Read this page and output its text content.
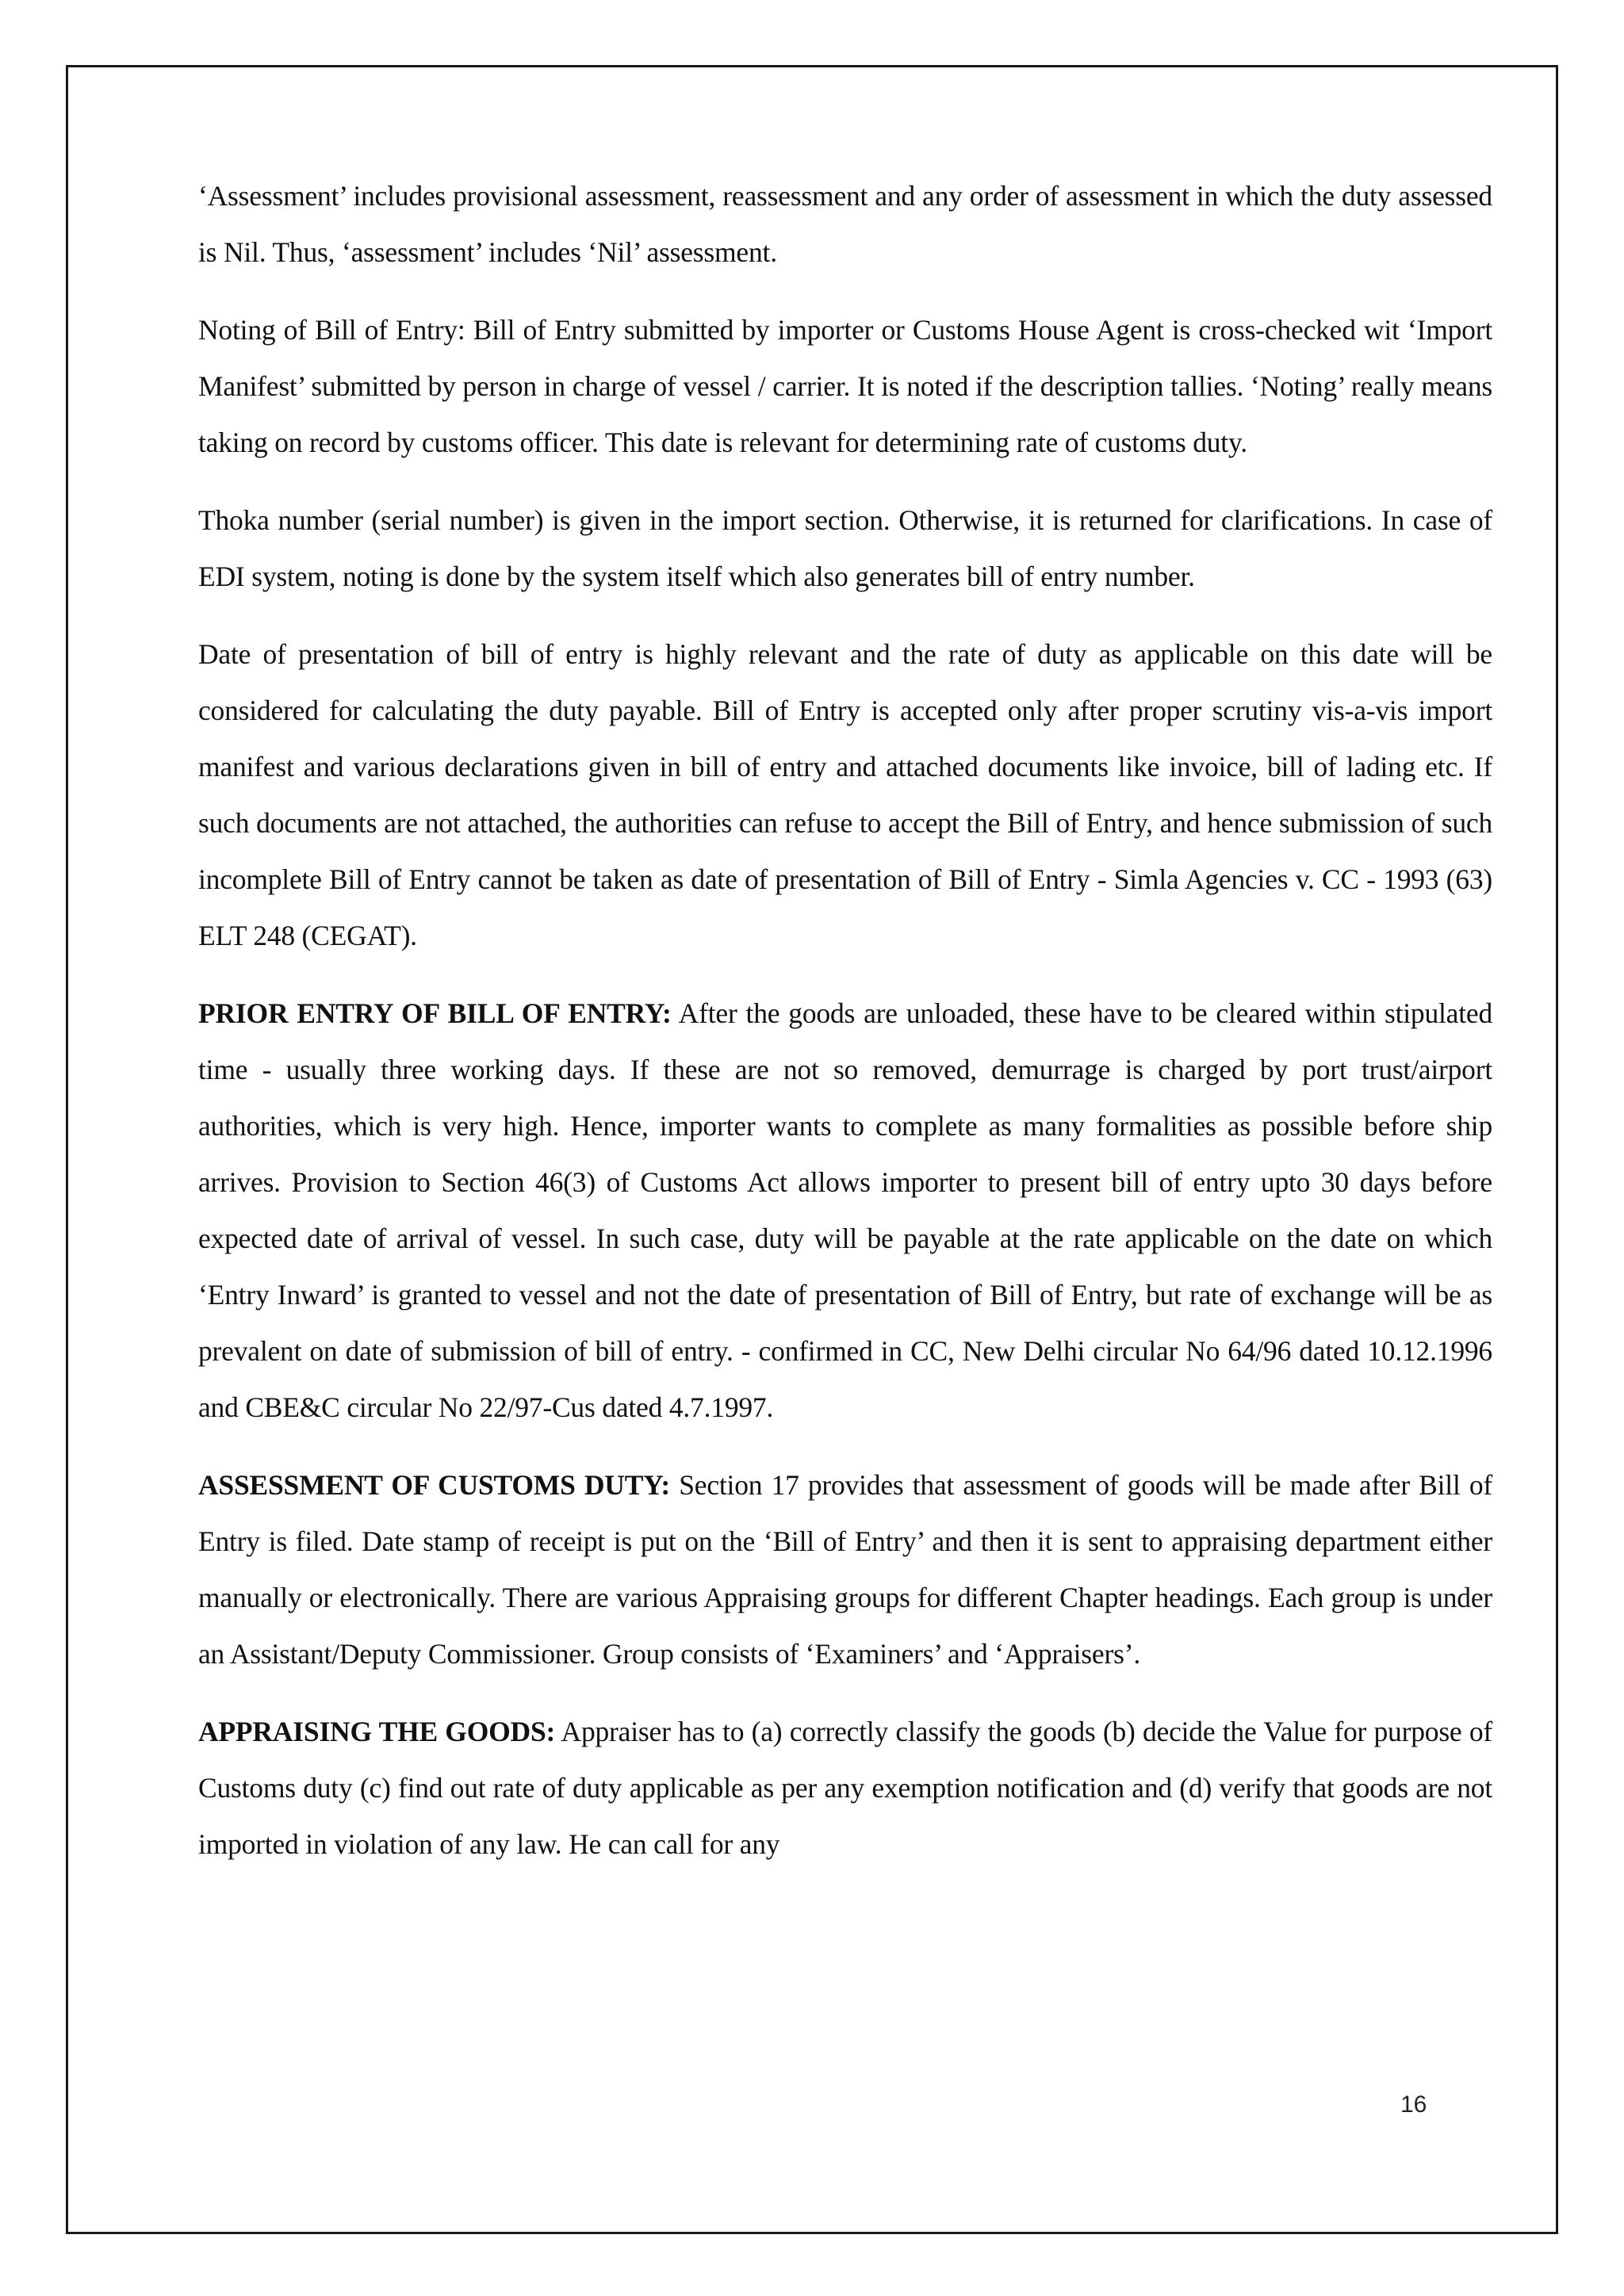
‘Assessment’ includes provisional assessment, reassessment and any order of assessment in which the duty assessed is Nil. Thus, ‘assessment’ includes ‘Nil’ assessment.

Noting of Bill of Entry: Bill of Entry submitted by importer or Customs House Agent is cross-checked wit ‘Import Manifest’ submitted by person in charge of vessel / carrier. It is noted if the description tallies. ‘Noting’ really means taking on record by customs officer. This date is relevant for determining rate of customs duty.

Thoka number (serial number) is given in the import section. Otherwise, it is returned for clarifications. In case of EDI system, noting is done by the system itself which also generates bill of entry number.

Date of presentation of bill of entry is highly relevant and the rate of duty as applicable on this date will be considered for calculating the duty payable. Bill of Entry is accepted only after proper scrutiny vis-a-vis import manifest and various declarations given in bill of entry and attached documents like invoice, bill of lading etc. If such documents are not attached, the authorities can refuse to accept the Bill of Entry, and hence submission of such incomplete Bill of Entry cannot be taken as date of presentation of Bill of Entry - Simla Agencies v. CC - 1993 (63) ELT 248 (CEGAT).

PRIOR ENTRY OF BILL OF ENTRY: After the goods are unloaded, these have to be cleared within stipulated time - usually three working days. If these are not so removed, demurrage is charged by port trust/airport authorities, which is very high. Hence, importer wants to complete as many formalities as possible before ship arrives. Provision to Section 46(3) of Customs Act allows importer to present bill of entry upto 30 days before expected date of arrival of vessel. In such case, duty will be payable at the rate applicable on the date on which ‘Entry Inward’ is granted to vessel and not the date of presentation of Bill of Entry, but rate of exchange will be as prevalent on date of submission of bill of entry. - confirmed in CC, New Delhi circular No 64/96 dated 10.12.1996 and CBE&C circular No 22/97-Cus dated 4.7.1997.

ASSESSMENT OF CUSTOMS DUTY: Section 17 provides that assessment of goods will be made after Bill of Entry is filed. Date stamp of receipt is put on the ‘Bill of Entry’ and then it is sent to appraising department either manually or electronically. There are various Appraising groups for different Chapter headings. Each group is under an Assistant/Deputy Commissioner. Group consists of ‘Examiners’ and ‘Appraisers’.

APPRAISING THE GOODS: Appraiser has to (a) correctly classify the goods (b) decide the Value for purpose of Customs duty (c) find out rate of duty applicable as per any exemption notification and (d) verify that goods are not imported in violation of any law. He can call for any

16
